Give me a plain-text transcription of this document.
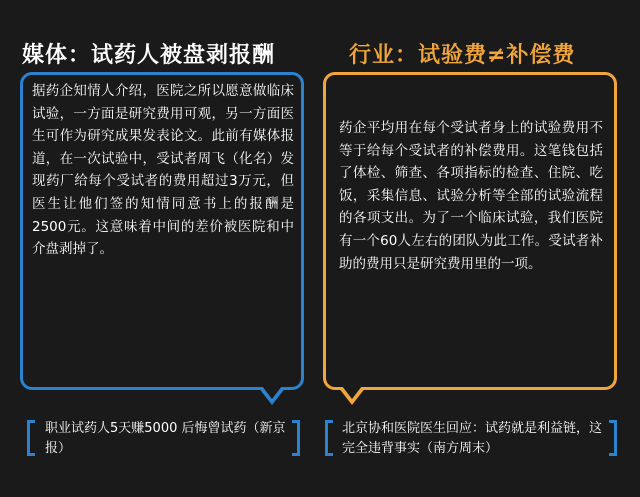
媒体：试药人被盘剥报酬	行业：试验费≠补偿费
据药企知情人介绍，医院之所以愿意做临床试验，一方面是研究费用可观，另一方面医生可作为研究成果发表论文。此前有媒体报道，在一次试验中，受试者周飞（化名）发现药厂给每个受试者的费用超过3万元，但医生让他们签的知情同意书上的报酬是2500元。这意味着中间的差价被医院和中介盘剥掉了。
药企平均用在每个受试者身上的试验费用不等于给每个受试者的补偿费用。这笔钱包括了体检、筛查、各项指标的检查、住院、吃饭，采集信息、试验分析等全部的试验流程的各项支出。为了一个临床试验，我们医院有一个60人左右的团队为此工作。受试者补助的费用只是研究费用里的一项。
职业试药人5天赚5000 后悔曾试药（新京报）
北京协和医院医生回应：试药就是利益链，这完全违背事实（南方周末）
